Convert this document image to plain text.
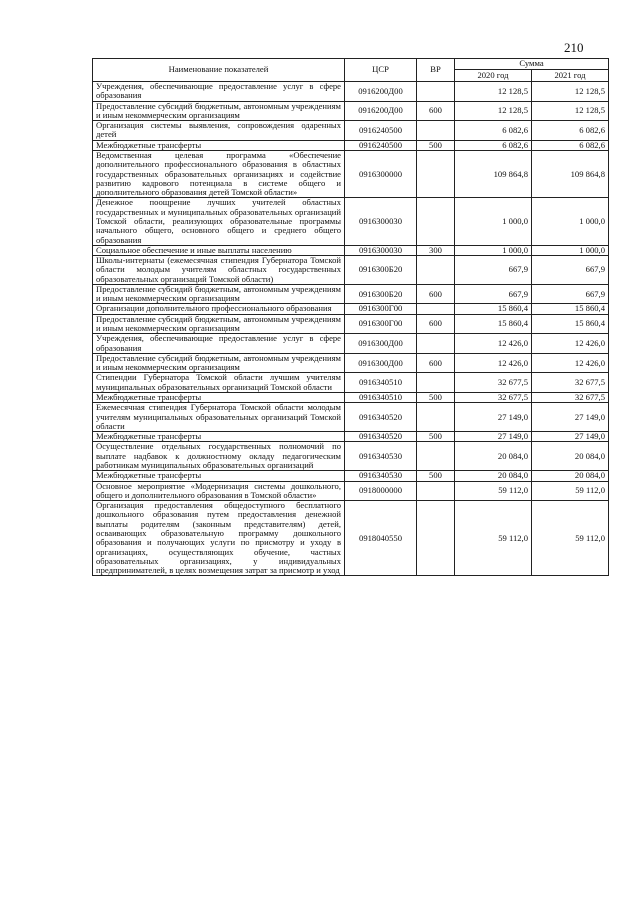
210
Наименование показателей	ЦСР	ВР	Сумма	
			2020 год	2021 год
Учреждения, обеспечивающие предоставление услуг в сфере образования	0916200Д00		12 128,5	12 128,5
Предоставление субсидий бюджетным, автономным учреждениям и иным некоммерческим организациям	0916200Д00	600	12 128,5	12 128,5
Организация системы выявления, сопровождения одаренных детей	0916240500		6 082,6	6 082,6
Межбюджетные трансферты	0916240500	500	6 082,6	6 082,6
Ведомственная целевая программа «Обеспечение дополнительного профессионального образования в областных государственных образовательных организациях и содействие развитию кадрового потенциала в системе общего и дополнительного образования детей Томской области»	0916300000		109 864,8	109 864,8
Денежное поощрение лучших учителей областных государственных и муниципальных образовательных организаций Томской области, реализующих образовательные программы начального общего, основного общего и среднего общего образования	0916300030		1 000,0	1 000,0
Социальное обеспечение и иные выплаты населению	0916300030	300	1 000,0	1 000,0
Школы-интернаты (ежемесячная стипендия Губернатора Томской области молодым учителям областных государственных образовательных организаций Томской области)	0916300Б20		667,9	667,9
Предоставление субсидий бюджетным, автономным учреждениям и иным некоммерческим организациям	0916300Б20	600	667,9	667,9
Организации дополнительного профессионального образования	0916300Г00		15 860,4	15 860,4
Предоставление субсидий бюджетным, автономным учреждениям и иным некоммерческим организациям	0916300Г00	600	15 860,4	15 860,4
Учреждения, обеспечивающие предоставление услуг в сфере образования	0916300Д00		12 426,0	12 426,0
Предоставление субсидий бюджетным, автономным учреждениям и иным некоммерческим организациям	0916300Д00	600	12 426,0	12 426,0
Стипендии Губернатора Томской области лучшим учителям муниципальных образовательных организаций Томской области	0916340510		32 677,5	32 677,5
Межбюджетные трансферты	0916340510	500	32 677,5	32 677,5
Ежемесячная стипендия Губернатора Томской области молодым учителям муниципальных образовательных организаций Томской области	0916340520		27 149,0	27 149,0
Межбюджетные трансферты	0916340520	500	27 149,0	27 149,0
Осуществление отдельных государственных полномочий по выплате надбавок к должностному окладу педагогическим работникам муниципальных образовательных организаций	0916340530		20 084,0	20 084,0
Межбюджетные трансферты	0916340530	500	20 084,0	20 084,0
Основное мероприятие «Модернизация системы дошкольного, общего и дополнительного образования в Томской области»	0918000000		59 112,0	59 112,0
Организация предоставления общедоступного бесплатного дошкольного образования путем предоставления денежной выплаты родителям (законным представителям) детей, осваивающих образовательную программу дошкольного образования и получающих услуги по присмотру и уходу в организациях, осуществляющих обучение, частных образовательных организациях, у индивидуальных предпринимателей, в целях возмещения затрат за присмотр и уход	0918040550		59 112,0	59 112,0
